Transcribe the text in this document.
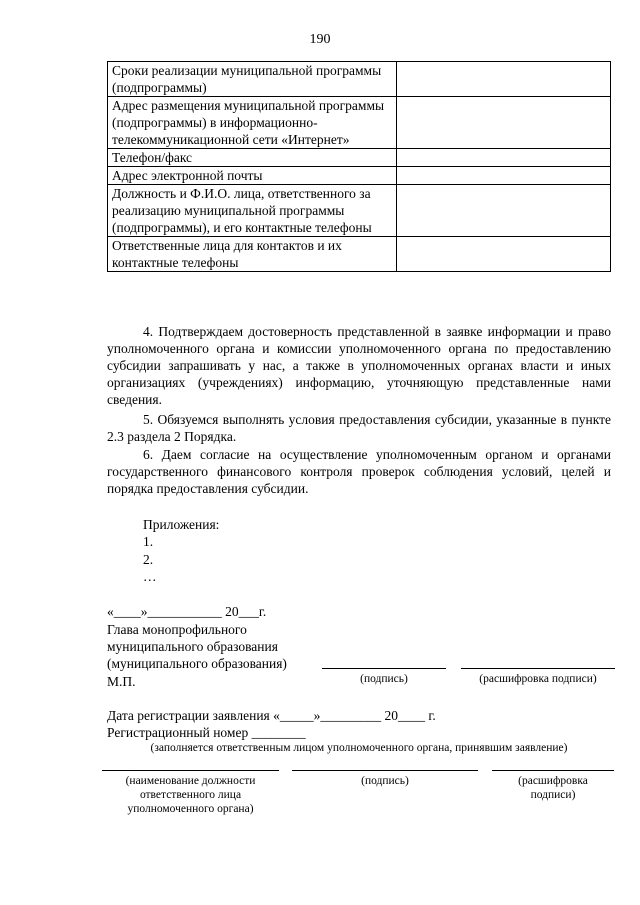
190
Сроки реализации муниципальной программы (подпрограммы)	
Адрес размещения муниципальной программы (подпрограммы) в информационно-телекоммуникационной сети «Интернет»	
Телефон/факс	
Адрес электронной почты	
Должность и Ф.И.О. лица, ответственного за реализацию муниципальной программы (подпрограммы), и его контактные телефоны	
Ответственные лица для контактов и их контактные телефоны	
4. Подтверждаем достоверность представленной в заявке информации и право уполномоченного органа и комиссии уполномоченного органа по предоставлению субсидии запрашивать у нас, а также в уполномоченных органах власти и иных организациях (учреждениях) информацию, уточняющую представленные нами сведения.
5. Обязуемся выполнять условия предоставления субсидии, указанные в пункте 2.3 раздела 2 Порядка.
6. Даем согласие на осуществление уполномоченным органом и органами государственного финансового контроля проверок соблюдения условий, целей и порядка предоставления субсидии.
Приложения:
1.
2.
…
«____»___________ 20___г.
Глава монопрофильного
муниципального образования
(муниципального образования)
М.П.	(подпись)	(расшифровка подписи)
Дата регистрации заявления «_____»_________ 20____ г.
Регистрационный номер ________
(заполняется ответственным лицом уполномоченного органа, принявшим заявление)
(наименование должности ответственного лица уполномоченного органа)
(подпись)	(расшифровка подписи)
